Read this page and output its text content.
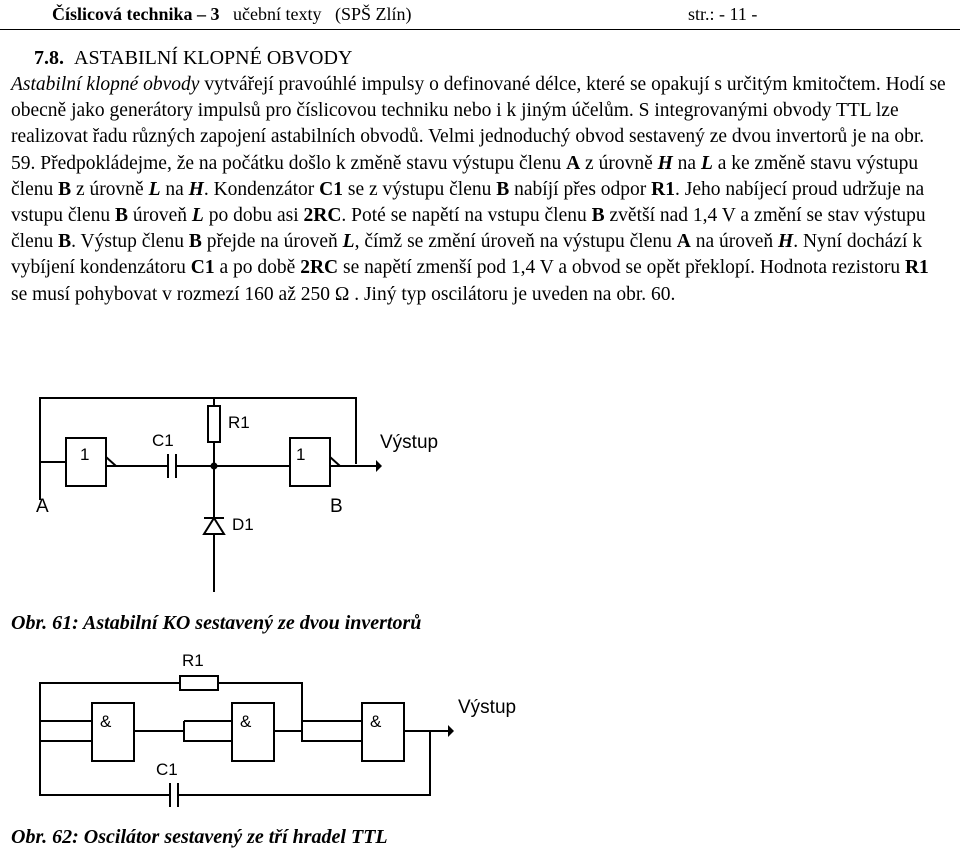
Číslicová technika – 3 učební texty (SPŠ Zlín)	str.: - 11 -
7.8. ASTABILNÍ KLOPNÉ OBVODY

Astabilní klopné obvody vytvářejí pravoúhlé impulsy o definované délce, které se opakují s určitým kmitočtem. Hodí se obecně jako generátory impulsů pro číslicovou techniku nebo i k jiným účelům. S integrovanými obvody TTL lze realizovat řadu různých zapojení astabilních obvodů. Velmi jednoduchý obvod sestavený ze dvou invertorů je na obr. 59. Předpokládejme, že na počátku došlo k změně stavu výstupu členu A z úrovně H na L a ke změně stavu výstupu členu B z úrovně L na H. Kondenzátor C1 se z výstupu členu B nabíjí přes odpor R1. Jeho nabíjecí proud udržuje na vstupu členu B úroveň L po dobu asi 2RC. Poté se napětí na vstupu členu B zvětší nad 1,4 V a změní se stav výstupu členu B. Výstup členu B přejde na úroveň L, čímž se změní úroveň na výstupu členu A na úroveň H. Nyní dochází k vybíjení kondenzátoru C1 a po době 2RC se napětí zmenší pod 1,4 V a obvod se opět překlopí. Hodnota rezistoru R1 se musí pohybovat v rozmezí 160 až 250 Ω . Jiný typ oscilátoru je uveden na obr. 60.

1	1
C1
R1
D1
A	B
Výstup
Obr. 61: Astabilní KO sestavený ze dvou invertorů
R1
&	&	&
C1
Výstup
Obr. 62: Oscilátor sestavený ze tří hradel TTL
